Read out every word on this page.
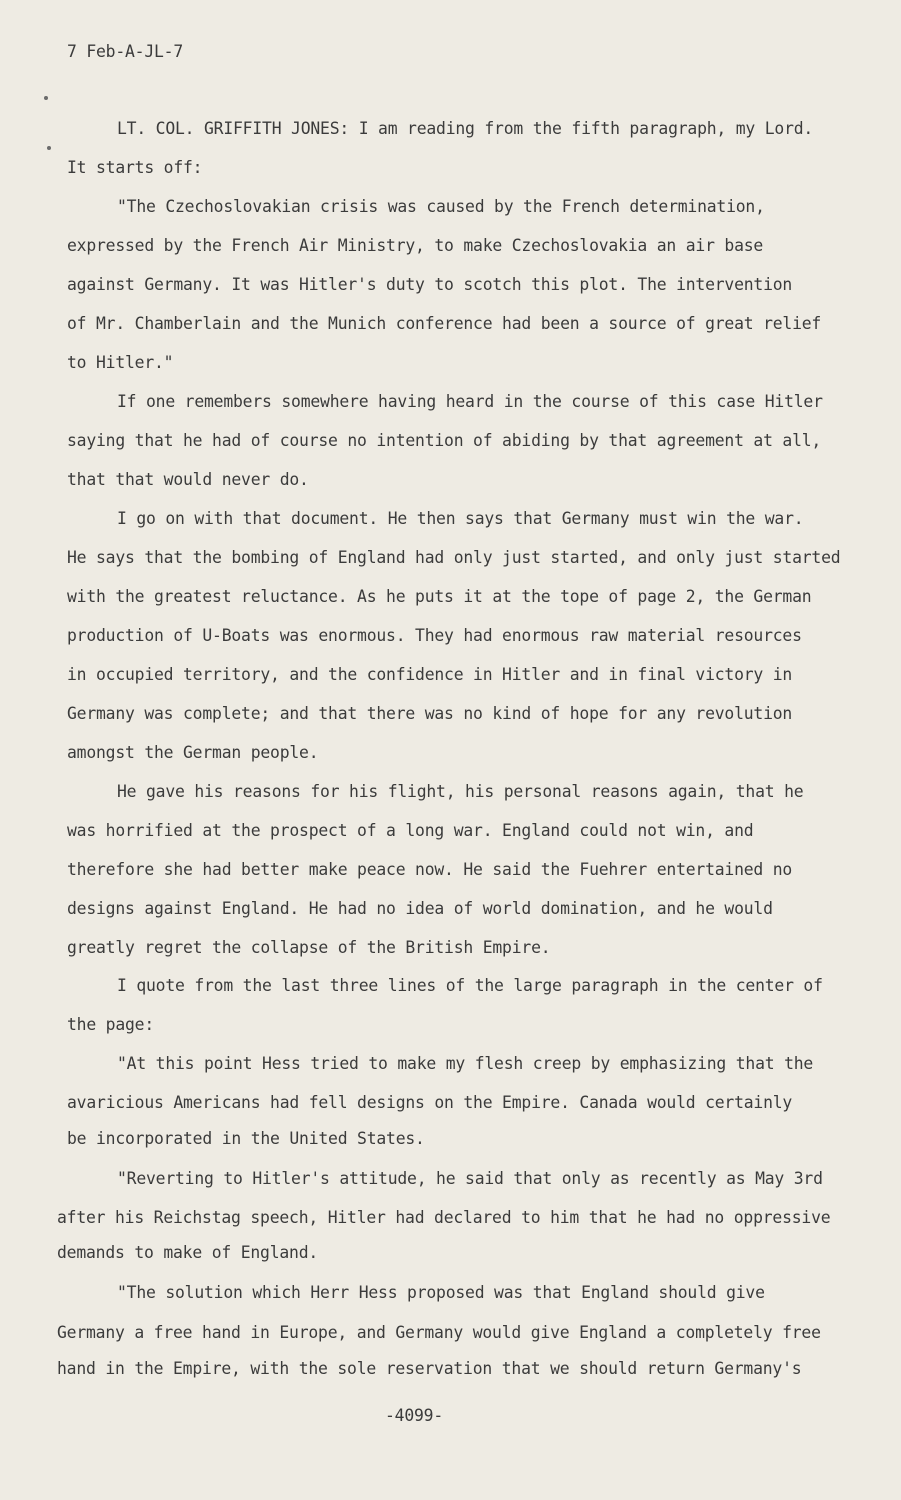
7 Feb-A-JL-7
LT. COL. GRIFFITH JONES: I am reading from the fifth paragraph, my Lord.
It starts off:
"The Czechoslovakian crisis was caused by the French determination,
expressed by the French Air Ministry, to make Czechoslovakia an air base
against Germany. It was Hitler's duty to scotch this plot. The intervention
of Mr. Chamberlain and the Munich conference had been a source of great relief
to Hitler."
If one remembers somewhere having heard in the course of this case Hitler
saying that he had of course no intention of abiding by that agreement at all,
that that would never do.
I go on with that document. He then says that Germany must win the war.
He says that the bombing of England had only just started, and only just started
with the greatest reluctance. As he puts it at the tope of page 2, the German
production of U-Boats was enormous. They had enormous raw material resources
in occupied territory, and the confidence in Hitler and in final victory in
Germany was complete; and that there was no kind of hope for any revolution
amongst the German people.
He gave his reasons for his flight, his personal reasons again, that he
was horrified at the prospect of a long war. England could not win, and
therefore she had better make peace now. He said the Fuehrer entertained no
designs against England. He had no idea of world domination, and he would
greatly regret the collapse of the British Empire.
I quote from the last three lines of the large paragraph in the center of
the page:
"At this point Hess tried to make my flesh creep by emphasizing that the
avaricious Americans had fell designs on the Empire. Canada would certainly
be incorporated in the United States.
"Reverting to Hitler's attitude, he said that only as recently as May 3rd
after his Reichstag speech, Hitler had declared to him that he had no oppressive
demands to make of England.
"The solution which Herr Hess proposed was that England should give
Germany a free hand in Europe, and Germany would give England a completely free
hand in the Empire, with the sole reservation that we should return Germany's
-4099-
